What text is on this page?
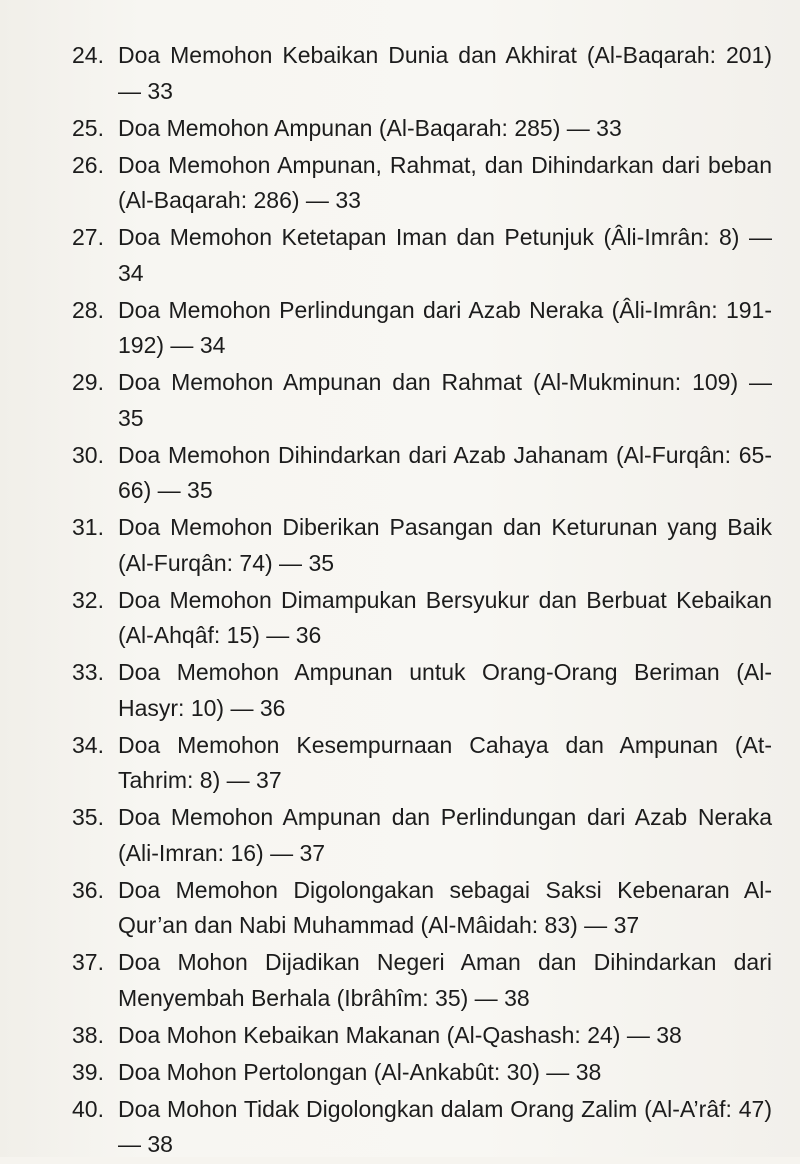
24. Doa Memohon Kebaikan Dunia dan Akhirat (Al-Baqarah: 201) — 33
25. Doa Memohon Ampunan (Al-Baqarah: 285) — 33
26. Doa Memohon Ampunan, Rahmat, dan Dihindarkan dari beban (Al-Baqarah: 286) — 33
27. Doa Memohon Ketetapan Iman dan Petunjuk (Âli-Imrân: 8) — 34
28. Doa Memohon Perlindungan dari Azab Neraka (Âli-Imrân: 191-192) — 34
29. Doa Memohon Ampunan dan Rahmat (Al-Mukminun: 109) — 35
30. Doa Memohon Dihindarkan dari Azab Jahanam (Al-Furqân: 65-66) — 35
31. Doa Memohon Diberikan Pasangan dan Keturunan yang Baik (Al-Furqân: 74) — 35
32. Doa Memohon Dimampukan Bersyukur dan Berbuat Kebaikan (Al-Ahqâf: 15) — 36
33. Doa Memohon Ampunan untuk Orang-Orang Beriman (Al-Hasyr: 10) — 36
34. Doa Memohon Kesempurnaan Cahaya dan Ampunan (At-Tahrim: 8) — 37
35. Doa Memohon Ampunan dan Perlindungan dari Azab Neraka (Ali-Imran: 16) — 37
36. Doa Memohon Digolongakan sebagai Saksi Kebenaran Al-Qur’an dan Nabi Muhammad (Al-Mâidah: 83) — 37
37. Doa Mohon Dijadikan Negeri Aman dan Dihindarkan dari Menyembah Berhala (Ibrâhîm: 35) — 38
38. Doa Mohon Kebaikan Makanan (Al-Qashash: 24) — 38
39. Doa Mohon Pertolongan (Al-Ankabût: 30) — 38
40. Doa Mohon Tidak Digolongkan dalam Orang Zalim (Al-A’râf: 47) — 38
